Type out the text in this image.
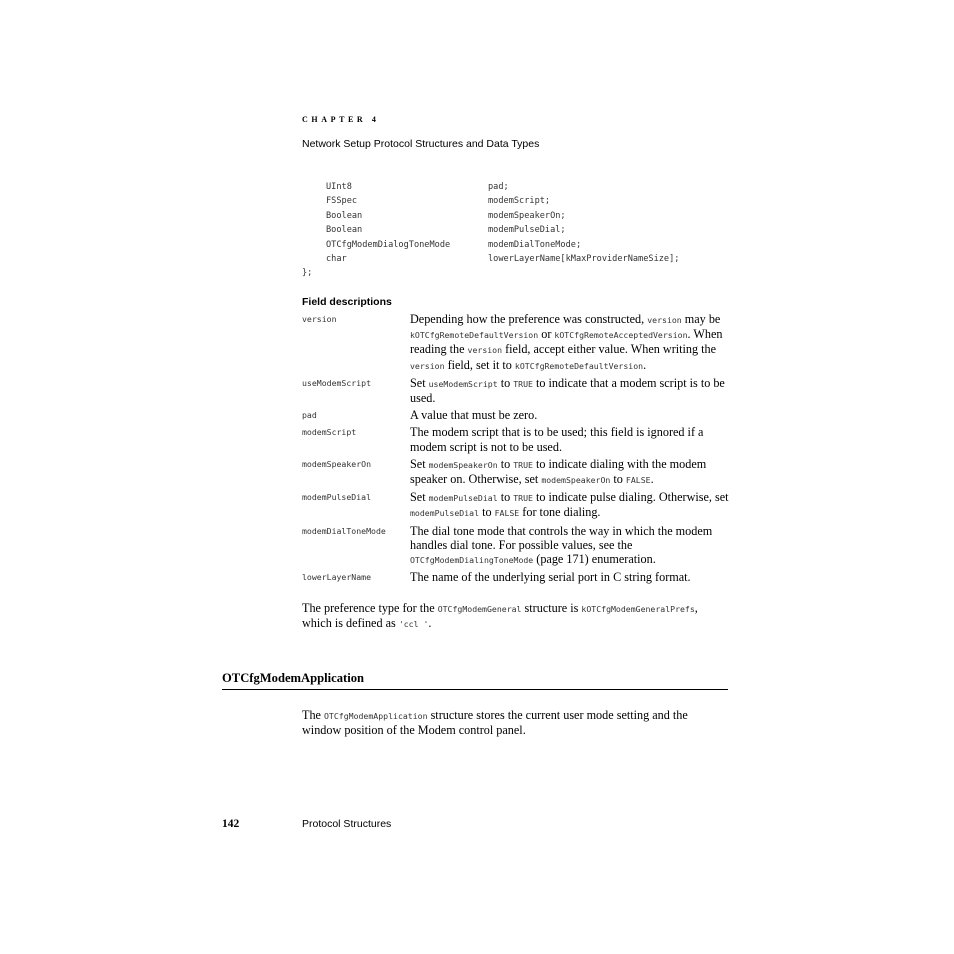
CHAPTER 4
Network Setup Protocol Structures and Data Types
UInt8	pad;
FSSpec	modemScript;
Boolean	modemSpeakerOn;
Boolean	modemPulseDial;
OTCfgModemDialogToneMode	modemDialToneMode;
char	lowerLayerName[kMaxProviderNameSize];
};
Field descriptions
version	Depending how the preference was constructed, version may be kOTCfgRemoteDefaultVersion or kOTCfgRemoteAcceptedVersion. When reading the version field, accept either value. When writing the version field, set it to kOTCfgRemoteDefaultVersion.
useModemScript	Set useModemScript to TRUE to indicate that a modem script is to be used.
pad	A value that must be zero.
modemScript	The modem script that is to be used; this field is ignored if a modem script is not to be used.
modemSpeakerOn	Set modemSpeakerOn to TRUE to indicate dialing with the modem speaker on. Otherwise, set modemSpeakerOn to FALSE.
modemPulseDial	Set modemPulseDial to TRUE to indicate pulse dialing. Otherwise, set modemPulseDial to FALSE for tone dialing.
modemDialToneMode The dial tone mode that controls the way in which the modem handles dial tone. For possible values, see the OTCfgModemDialingToneMode (page 171) enumeration.
lowerLayerName	The name of the underlying serial port in C string format.
The preference type for the OTCfgModemGeneral structure is kOTCfgModemGeneralPrefs, which is defined as 'ccl '.
OTCfgModemApplication
The OTCfgModemApplication structure stores the current user mode setting and the window position of the Modem control panel.
142	Protocol Structures
